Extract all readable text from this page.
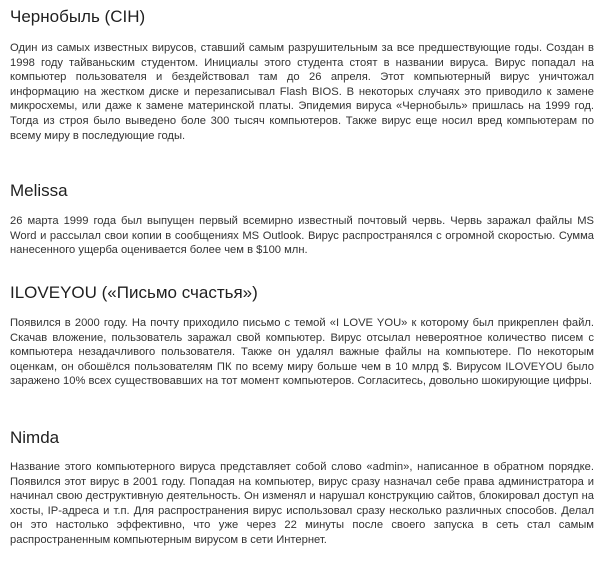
Чернобыль (CIH)

Один из самых известных вирусов, ставший самым разрушительным за все предшествующие годы. Создан в 1998 году тайваньским студентом. Инициалы этого студента стоят в названии вируса. Вирус попадал на компьютер пользователя и бездействовал там до 26 апреля. Этот компьютерный вирус уничтожал информацию на жестком диске и перезаписывал Flash BIOS. В некоторых случаях это приводило к замене микросхемы, или даже к замене материнской платы. Эпидемия вируса «Чернобыль» пришлась на 1999 год. Тогда из строя было выведено боле 300 тысяч компьютеров. Также вирус еще носил вред компьютерам по всему миру в последующие годы.

Melissa

26 марта 1999 года был выпущен первый всемирно известный почтовый червь. Червь заражал файлы MS Word и рассылал свои копии в сообщениях MS Outlook. Вирус распространялся с огромной скоростью. Сумма нанесенного ущерба оценивается более чем в $100 млн.

ILOVEYOU («Письмо счастья»)

Появился в 2000 году. На почту приходило письмо с темой «I LOVE YOU» к которому был прикреплен файл. Скачав вложение, пользователь заражал свой компьютер. Вирус отсылал невероятное количество писем с компьютера незадачливого пользователя. Также он удалял важные файлы на компьютере. По некоторым оценкам, он обошёлся пользователям ПК по всему миру больше чем в 10 млрд $. Вирусом ILOVEYOU было заражено 10% всех существовавших на тот момент компьютеров. Согласитесь, довольно шокирующие цифры.

Nimda

Название этого компьютерного вируса представляет собой слово «admin», написанное в обратном порядке. Появился этот вирус в 2001 году. Попадая на компьютер, вирус сразу назначал себе права администратора и начинал свою деструктивную деятельность. Он изменял и нарушал конструкцию сайтов, блокировал доступ на хосты, IP-адреса и т.п. Для распространения вирус использовал сразу несколько различных способов. Делал он это настолько эффективно, что уже через 22 минуты после своего запуска в сеть стал самым распространенным компьютерным вирусом в сети Интернет.
